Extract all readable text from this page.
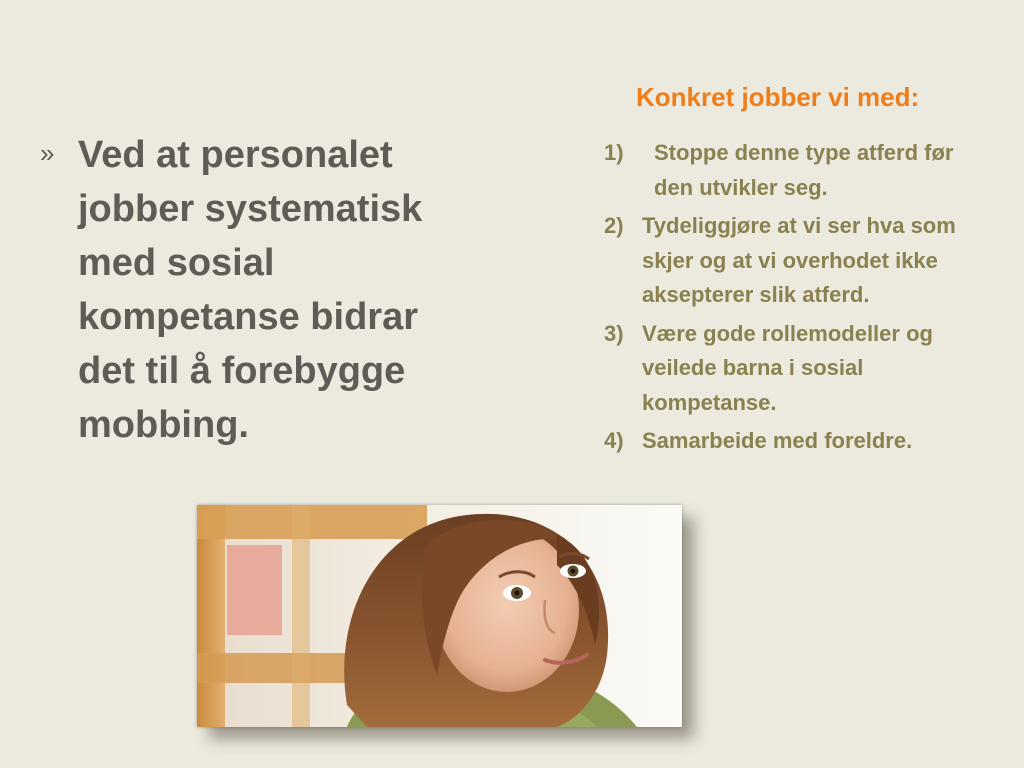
» Ved at personalet jobber systematisk med sosial kompetanse bidrar det til å forebygge mobbing.
Konkret jobber vi med:
1)	Stoppe denne type atferd før den utvikler seg.
2) Tydeliggjøre at vi ser hva som skjer og at vi overhodet ikke aksepterer slik atferd.
3) Være gode rollemodeller og veilede barna i sosial kompetanse.
4) Samarbeide med foreldre.
